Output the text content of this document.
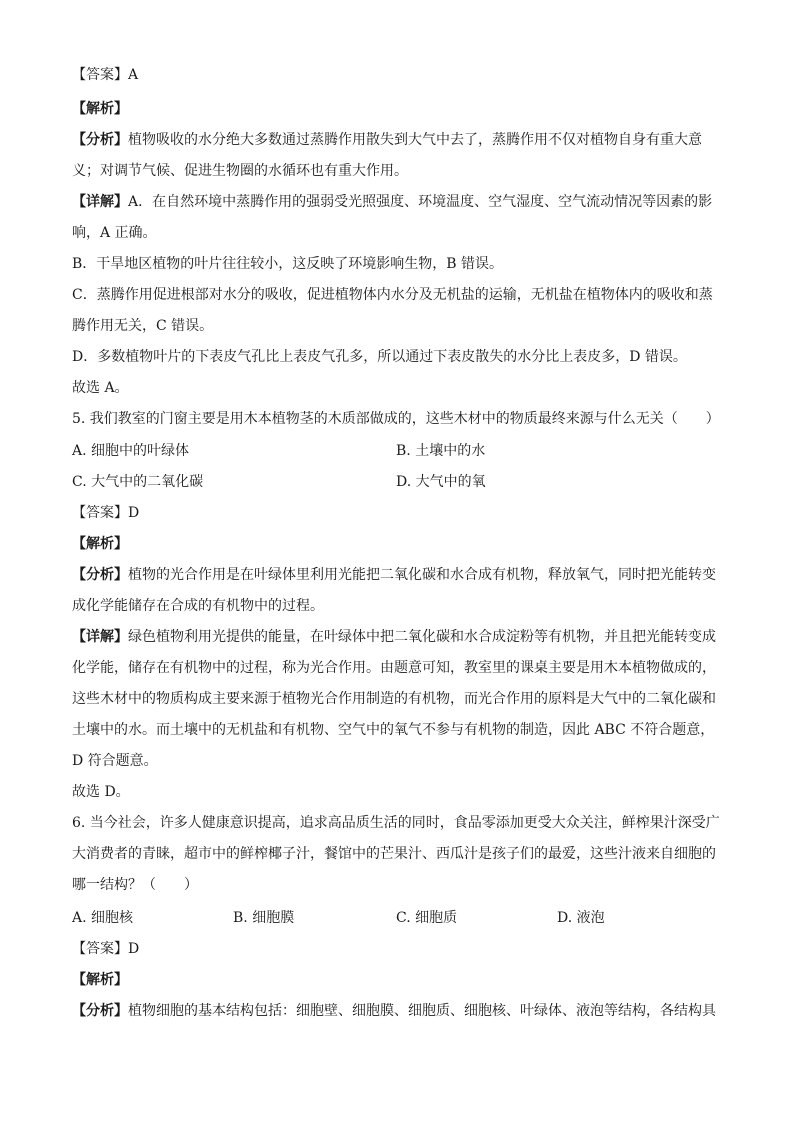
【答案】A
【解析】
【分析】植物吸收的水分绝大多数通过蒸腾作用散失到大气中去了，蒸腾作用不仅对植物自身有重大意
义；对调节气候、促进生物圈的水循环也有重大作用。
【详解】A．在自然环境中蒸腾作用的强弱受光照强度、环境温度、空气湿度、空气流动情况等因素的影
响，A 正确。
B．干旱地区植物的叶片往往较小，这反映了环境影响生物，B 错误。
C．蒸腾作用促进根部对水分的吸收，促进植物体内水分及无机盐的运输，无机盐在植物体内的吸收和蒸
腾作用无关，C 错误。
D．多数植物叶片的下表皮气孔比上表皮气孔多，所以通过下表皮散失的水分比上表皮多，D 错误。
故选 A。
5. 我们教室的门窗主要是用木本植物茎的木质部做成的，这些木材中的物质最终来源与什么无关（　　）
A. 细胞中的叶绿体	B. 土壤中的水
C. 大气中的二氧化碳	D. 大气中的氧
【答案】D
【解析】
【分析】植物的光合作用是在叶绿体里利用光能把二氧化碳和水合成有机物，释放氧气，同时把光能转变
成化学能储存在合成的有机物中的过程。
【详解】绿色植物利用光提供的能量，在叶绿体中把二氧化碳和水合成淀粉等有机物，并且把光能转变成
化学能，储存在有机物中的过程，称为光合作用。由题意可知，教室里的课桌主要是用木本植物做成的，
这些木材中的物质构成主要来源于植物光合作用制造的有机物，而光合作用的原料是大气中的二氧化碳和
土壤中的水。而土壤中的无机盐和有机物、空气中的氧气不参与有机物的制造，因此 ABC 不符合题意，
D 符合题意。
故选 D。
6. 当今社会，许多人健康意识提高，追求高品质生活的同时，食品零添加更受大众关注，鲜榨果汁深受广
大消费者的青睐，超市中的鲜榨椰子汁，餐馆中的芒果汁、西瓜汁是孩子们的最爱，这些汁液来自细胞的
哪一结构？（　　）
A. 细胞核	B. 细胞膜	C. 细胞质	D. 液泡
【答案】D
【解析】
【分析】植物细胞的基本结构包括：细胞壁、细胞膜、细胞质、细胞核、叶绿体、液泡等结构，各结构具
